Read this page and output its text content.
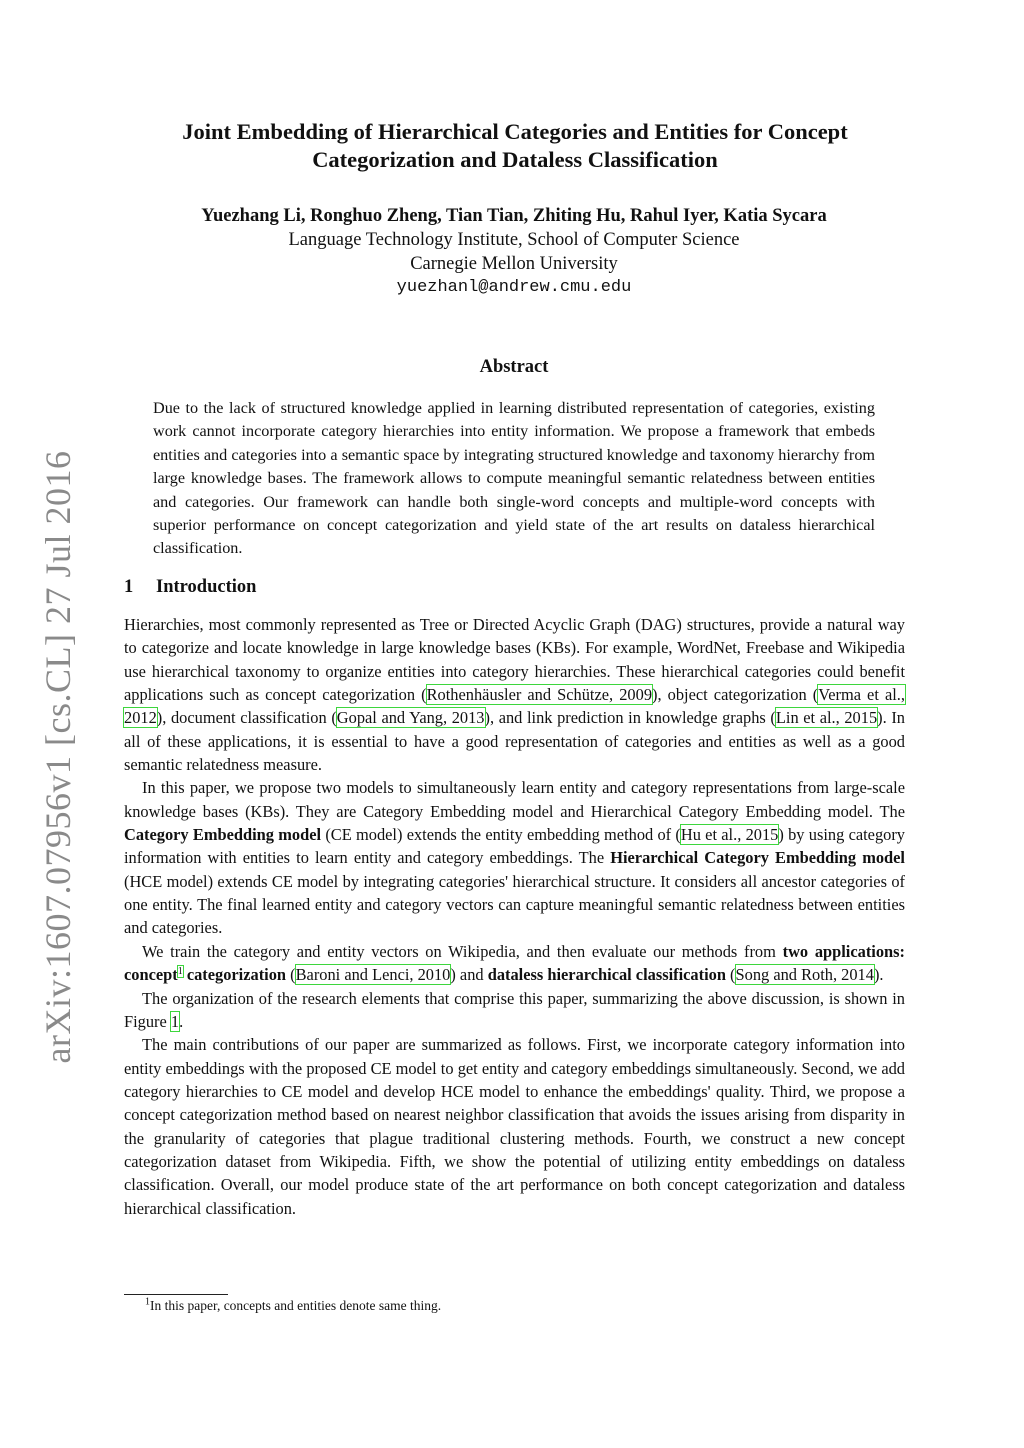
arXiv:1607.07956v1 [cs.CL] 27 Jul 2016
Joint Embedding of Hierarchical Categories and Entities for Concept
Categorization and Dataless Classification
Yuezhang Li, Ronghuo Zheng, Tian Tian, Zhiting Hu, Rahul Iyer, Katia Sycara
Language Technology Institute, School of Computer Science
Carnegie Mellon University
yuezhanl@andrew.cmu.edu
Abstract
Due to the lack of structured knowledge applied in learning distributed representation of categories, existing work cannot incorporate category hierarchies into entity information. We propose a framework that embeds entities and categories into a semantic space by integrating structured knowledge and taxonomy hierarchy from large knowledge bases. The framework allows to compute meaningful semantic relatedness between entities and categories. Our framework can handle both single-word concepts and multiple-word concepts with superior performance on concept categorization and yield state of the art results on dataless hierarchical classification.
1 Introduction

Hierarchies, most commonly represented as Tree or Directed Acyclic Graph (DAG) structures, provide a natural way to categorize and locate knowledge in large knowledge bases (KBs). For example, WordNet, Freebase and Wikipedia use hierarchical taxonomy to organize entities into category hierarchies. These hierarchical categories could benefit applications such as concept categorization (Rothenhäusler and Schütze, 2009), object categorization (Verma et al., 2012), document classification (Gopal and Yang, 2013), and link prediction in knowledge graphs (Lin et al., 2015). In all of these applications, it is essential to have a good representation of categories and entities as well as a good semantic relatedness measure.

In this paper, we propose two models to simultaneously learn entity and category representations from large-scale knowledge bases (KBs). They are Category Embedding model and Hierarchical Category Embedding model. The Category Embedding model (CE model) extends the entity embedding method of (Hu et al., 2015) by using category information with entities to learn entity and category embeddings. The Hierarchical Category Embedding model (HCE model) extends CE model by integrating categories' hierarchical structure. It considers all ancestor categories of one entity. The final learned entity and category vectors can capture meaningful semantic relatedness between entities and categories.

We train the category and entity vectors on Wikipedia, and then evaluate our methods from two applications: concept$^1$ categorization (Baroni and Lenci, 2010) and dataless hierarchical classification (Song and Roth, 2014).

The organization of the research elements that comprise this paper, summarizing the above discussion, is shown in Figure 1.

The main contributions of our paper are summarized as follows. First, we incorporate category information into entity embeddings with the proposed CE model to get entity and category embeddings simultaneously. Second, we add category hierarchies to CE model and develop HCE model to enhance the embeddings' quality. Third, we propose a concept categorization method based on nearest neighbor classification that avoids the issues arising from disparity in the granularity of categories that plague traditional clustering methods. Fourth, we construct a new concept categorization dataset from Wikipedia. Fifth, we show the potential of utilizing entity embeddings on dataless classification. Overall, our model produce state of the art performance on both concept categorization and dataless hierarchical classification.

$^1$In this paper, concepts and entities denote same thing.
